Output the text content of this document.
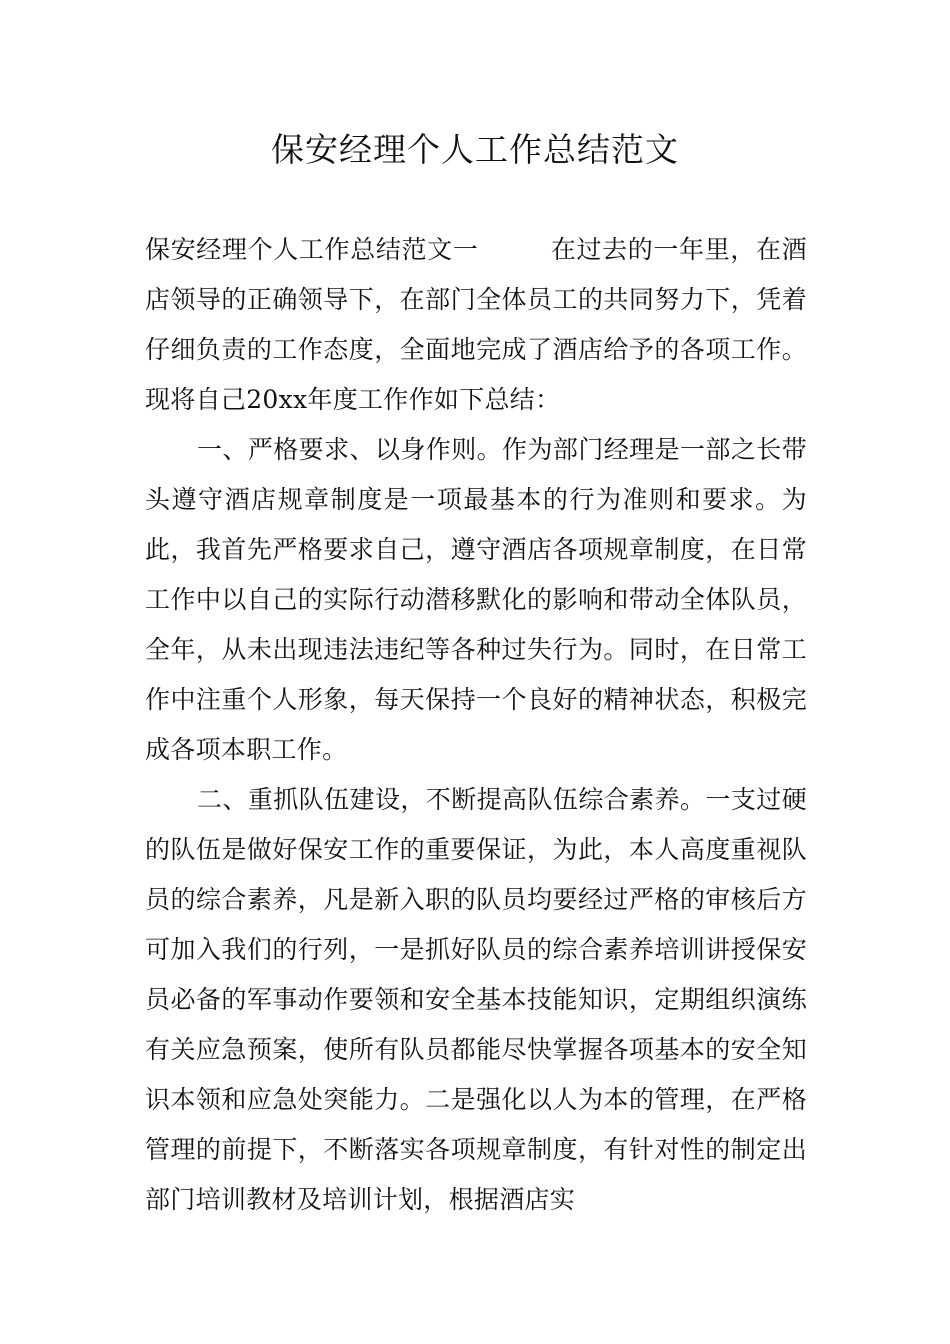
保安经理个人工作总结范文

保安经理个人工作总结范文一	在过去的一年里，在酒店领导的正确领导下，在部门全体员工的共同努力下，凭着仔细负责的工作态度，全面地完成了酒店给予的各项工作。现将自己20xx年度工作作如下总结：

一、严格要求、以身作则。作为部门经理是一部之长带头遵守酒店规章制度是一项最基本的行为准则和要求。为此，我首先严格要求自己，遵守酒店各项规章制度，在日常工作中以自己的实际行动潜移默化的影响和带动全体队员，全年，从未出现违法违纪等各种过失行为。同时，在日常工作中注重个人形象，每天保持一个良好的精神状态，积极完成各项本职工作。

二、重抓队伍建设，不断提高队伍综合素养。一支过硬的队伍是做好保安工作的重要保证，为此，本人高度重视队员的综合素养，凡是新入职的队员均要经过严格的审核后方可加入我们的行列，一是抓好队员的综合素养培训讲授保安员必备的军事动作要领和安全基本技能知识，定期组织演练有关应急预案，使所有队员都能尽快掌握各项基本的安全知识本领和应急处突能力。二是强化以人为本的管理，在严格管理的前提下，不断落实各项规章制度，有针对性的制定出部门培训教材及培训计划，根据酒店实
